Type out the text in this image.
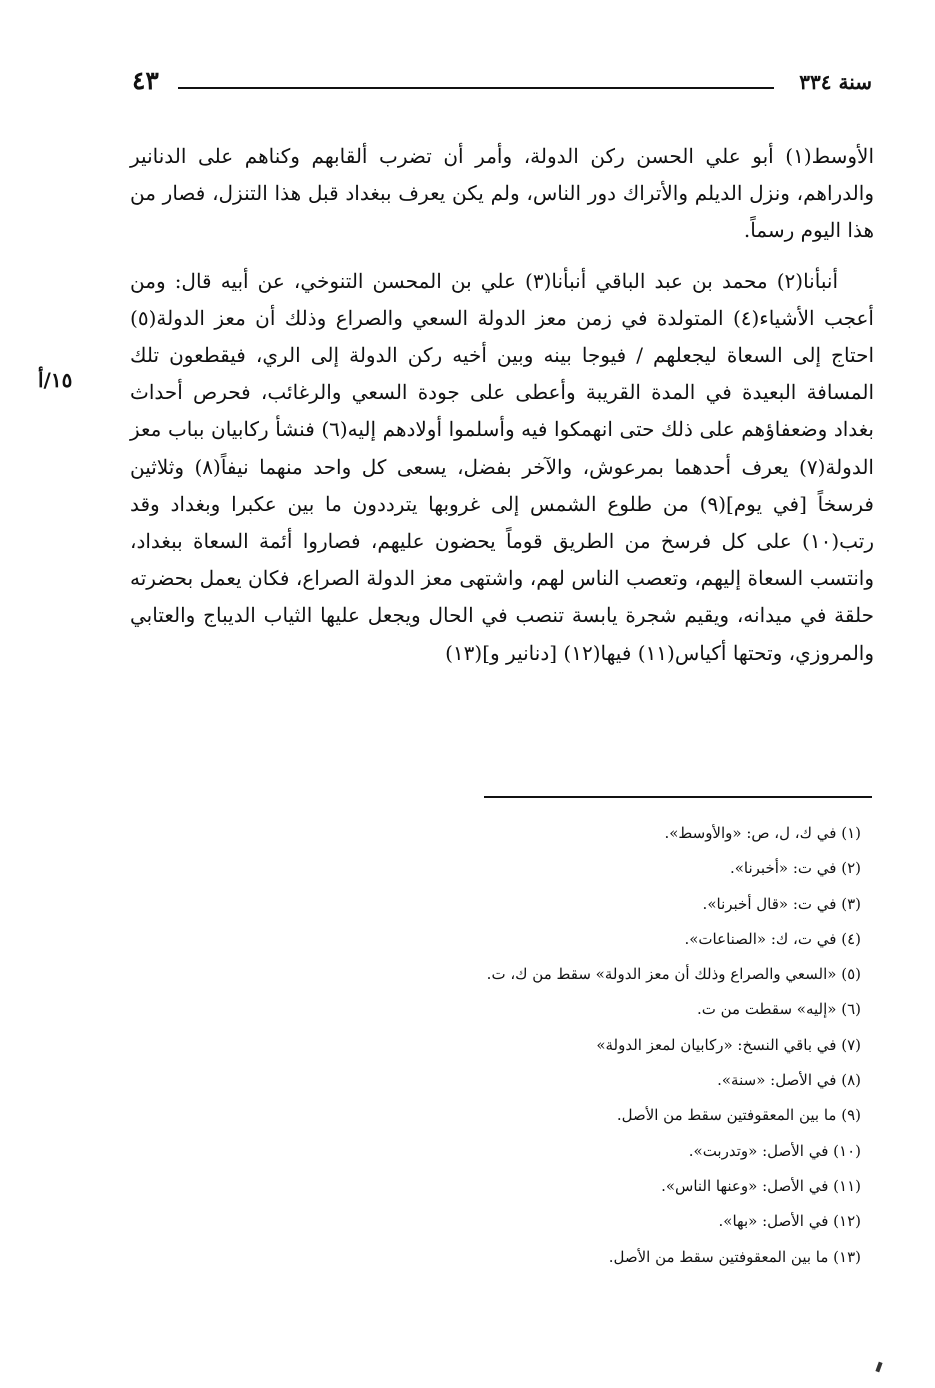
سنة ٣٣٤
٤٣
١٥/أ

الأوسط(١) أبو علي الحسن ركن الدولة، وأمر أن تضرب ألقابهم وكناهم على الدنانير والدراهم، ونزل الديلم والأتراك دور الناس، ولم يكن يعرف ببغداد قبل هذا التنزل، فصار من هذا اليوم رسماً.

أنبأنا(٢) محمد بن عبد الباقي أنبأنا(٣) علي بن المحسن التنوخي، عن أبيه قال: ومن أعجب الأشياء(٤) المتولدة في زمن معز الدولة السعي والصراع وذلك أن معز الدولة(٥) احتاج إلى السعاة ليجعلهم / فيوجا بينه وبين أخيه ركن الدولة إلى الري، فيقطعون تلك المسافة البعيدة في المدة القريبة وأعطى على جودة السعي والرغائب، فحرص أحداث بغداد وضعفاؤهم على ذلك حتى انهمكوا فيه وأسلموا أولادهم إليه(٦) فنشأ ركابيان بباب معز الدولة(٧) يعرف أحدهما بمرعوش، والآخر بفضل، يسعى كل واحد منهما نيفاً(٨) وثلاثين فرسخاً [في يوم](٩) من طلوع الشمس إلى غروبها يترددون ما بين عكبرا وبغداد وقد رتب(١٠) على كل فرسخ من الطريق قوماً يحضون عليهم، فصاروا أئمة السعاة ببغداد، وانتسب السعاة إليهم، وتعصب الناس لهم، واشتهى معز الدولة الصراع، فكان يعمل بحضرته حلقة في ميدانه، ويقيم شجرة يابسة تنصب في الحال ويجعل عليها الثياب الديباج والعتابي والمروزي، وتحتها أكياس(١١) فيها(١٢) [دنانير و](١٣)

(١) في ك، ل، ص: «والأوسط».
(٢) في ت: «أخبرنا».
(٣) في ت: «قال أخبرنا».
(٤) في ت، ك: «الصناعات».
(٥) «السعي والصراع وذلك أن معز الدولة» سقط من ك، ت.
(٦) «إليه» سقطت من ت.
(٧) في باقي النسخ: «ركابيان لمعز الدولة»
(٨) في الأصل: «سنة».
(٩) ما بين المعقوفتين سقط من الأصل.
(١٠) في الأصل: «وتدربت».
(١١) في الأصل: «وعنها الناس».
(١٢) في الأصل: «بها».
(١٣) ما بين المعقوفتين سقط من الأصل.
